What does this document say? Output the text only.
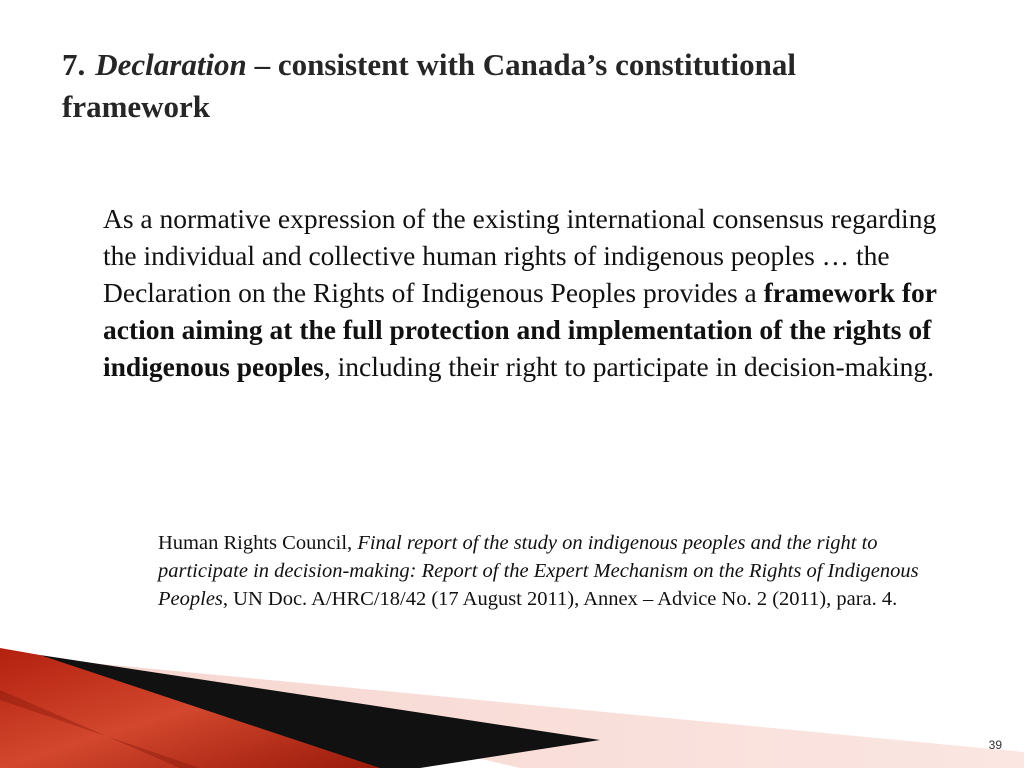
7. Declaration – consistent with Canada’s constitutional framework

As a normative expression of the existing international consensus regarding the individual and collective human rights of indigenous peoples … the Declaration on the Rights of Indigenous Peoples provides a framework for action aiming at the full protection and implementation of the rights of indigenous peoples, including their right to participate in decision-making.

Human Rights Council, Final report of the study on indigenous peoples and the right to participate in decision-making: Report of the Expert Mechanism on the Rights of Indigenous Peoples, UN Doc. A/HRC/18/42 (17 August 2011), Annex – Advice No. 2 (2011), para. 4.

39
